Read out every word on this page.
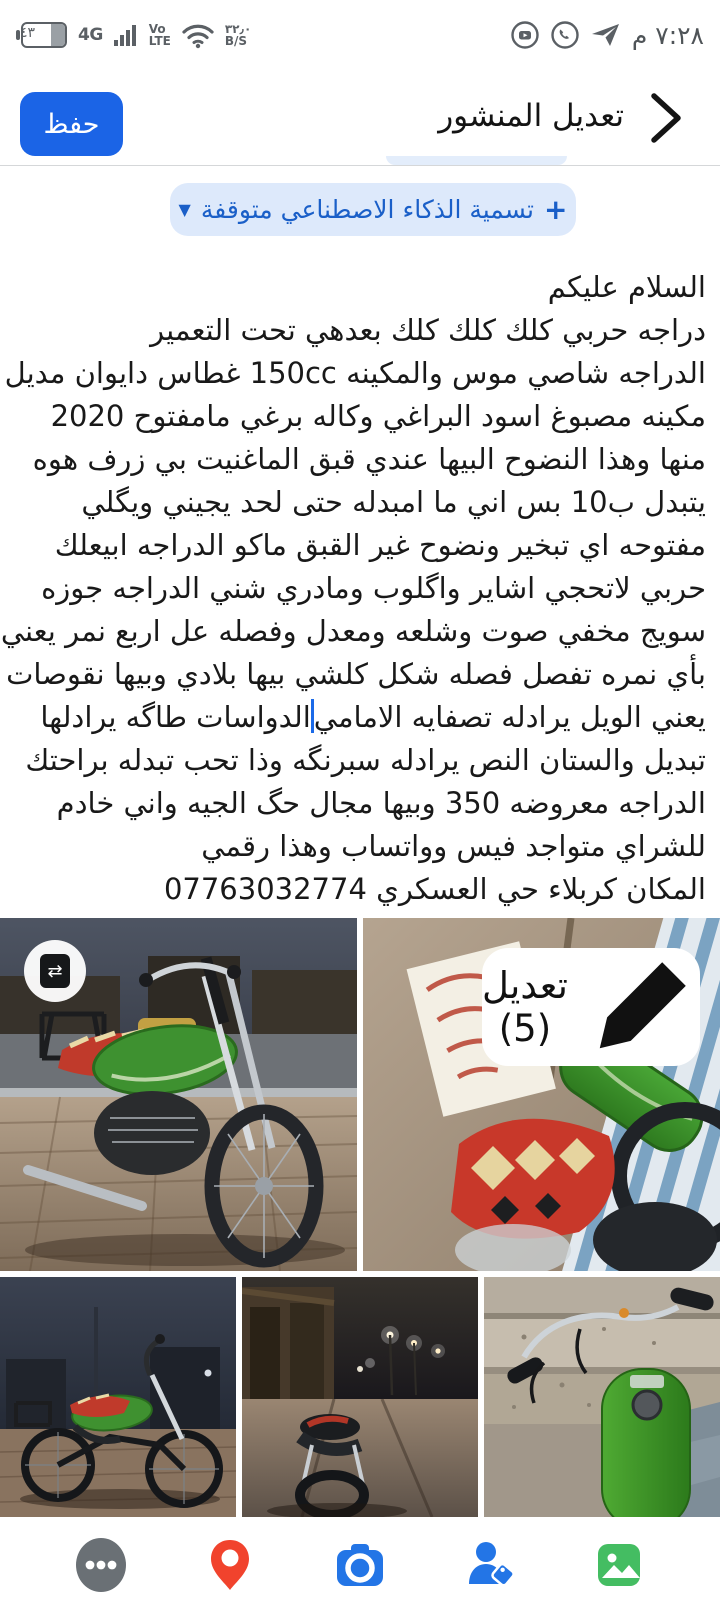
٤٣	4G	Vo
LTE
٣٢٫٠
B/S	٧:٢٨ م
حفظ	تعديل المنشور
+
تسمية الذكاء الاصطناعي متوقفة
▼
السلام عليكم
دراجه حربي كلك كلك كلك بعدهي تحت التعمير
الدراجه شاصي موس والمكينه 150cc غطاس دايوان مديل
مكينه مصبوغ اسود البراغي وكاله برغي مامفتوح 2020
منها وهذا النضوح البيها عندي قبق الماغنيت بي زرف هوه
يتبدل ب10 بس اني ما امبدله حتى لحد يجيني ويگلي
مفتوحه اي تبخير ونضوح غير القبق ماكو الدراجه ابيعلك
حربي لاتحجي اشاير واگلوب ومادري شني الدراجه جوزه
سويج مخفي صوت وشلعه ومعدل وفصله عل اربع نمر يعني
بأي نمره تفصل فصله شكل كلشي بيها بلادي وبيها نقوصات
يعني الويل يرادله تصفايه الاماميالدواسات طاگه يرادلها
تبديل والستان النص يرادله سبرنگه وذا تحب تبدله براحتك
الدراجه معروضه 350 وبيها مجال حگ الجيه واني خادم
للشراي متواجد فيس وواتساب وهذا رقمي
المكان كربلاء حي العسكري 07763032774
⇄	تعديل (5)
